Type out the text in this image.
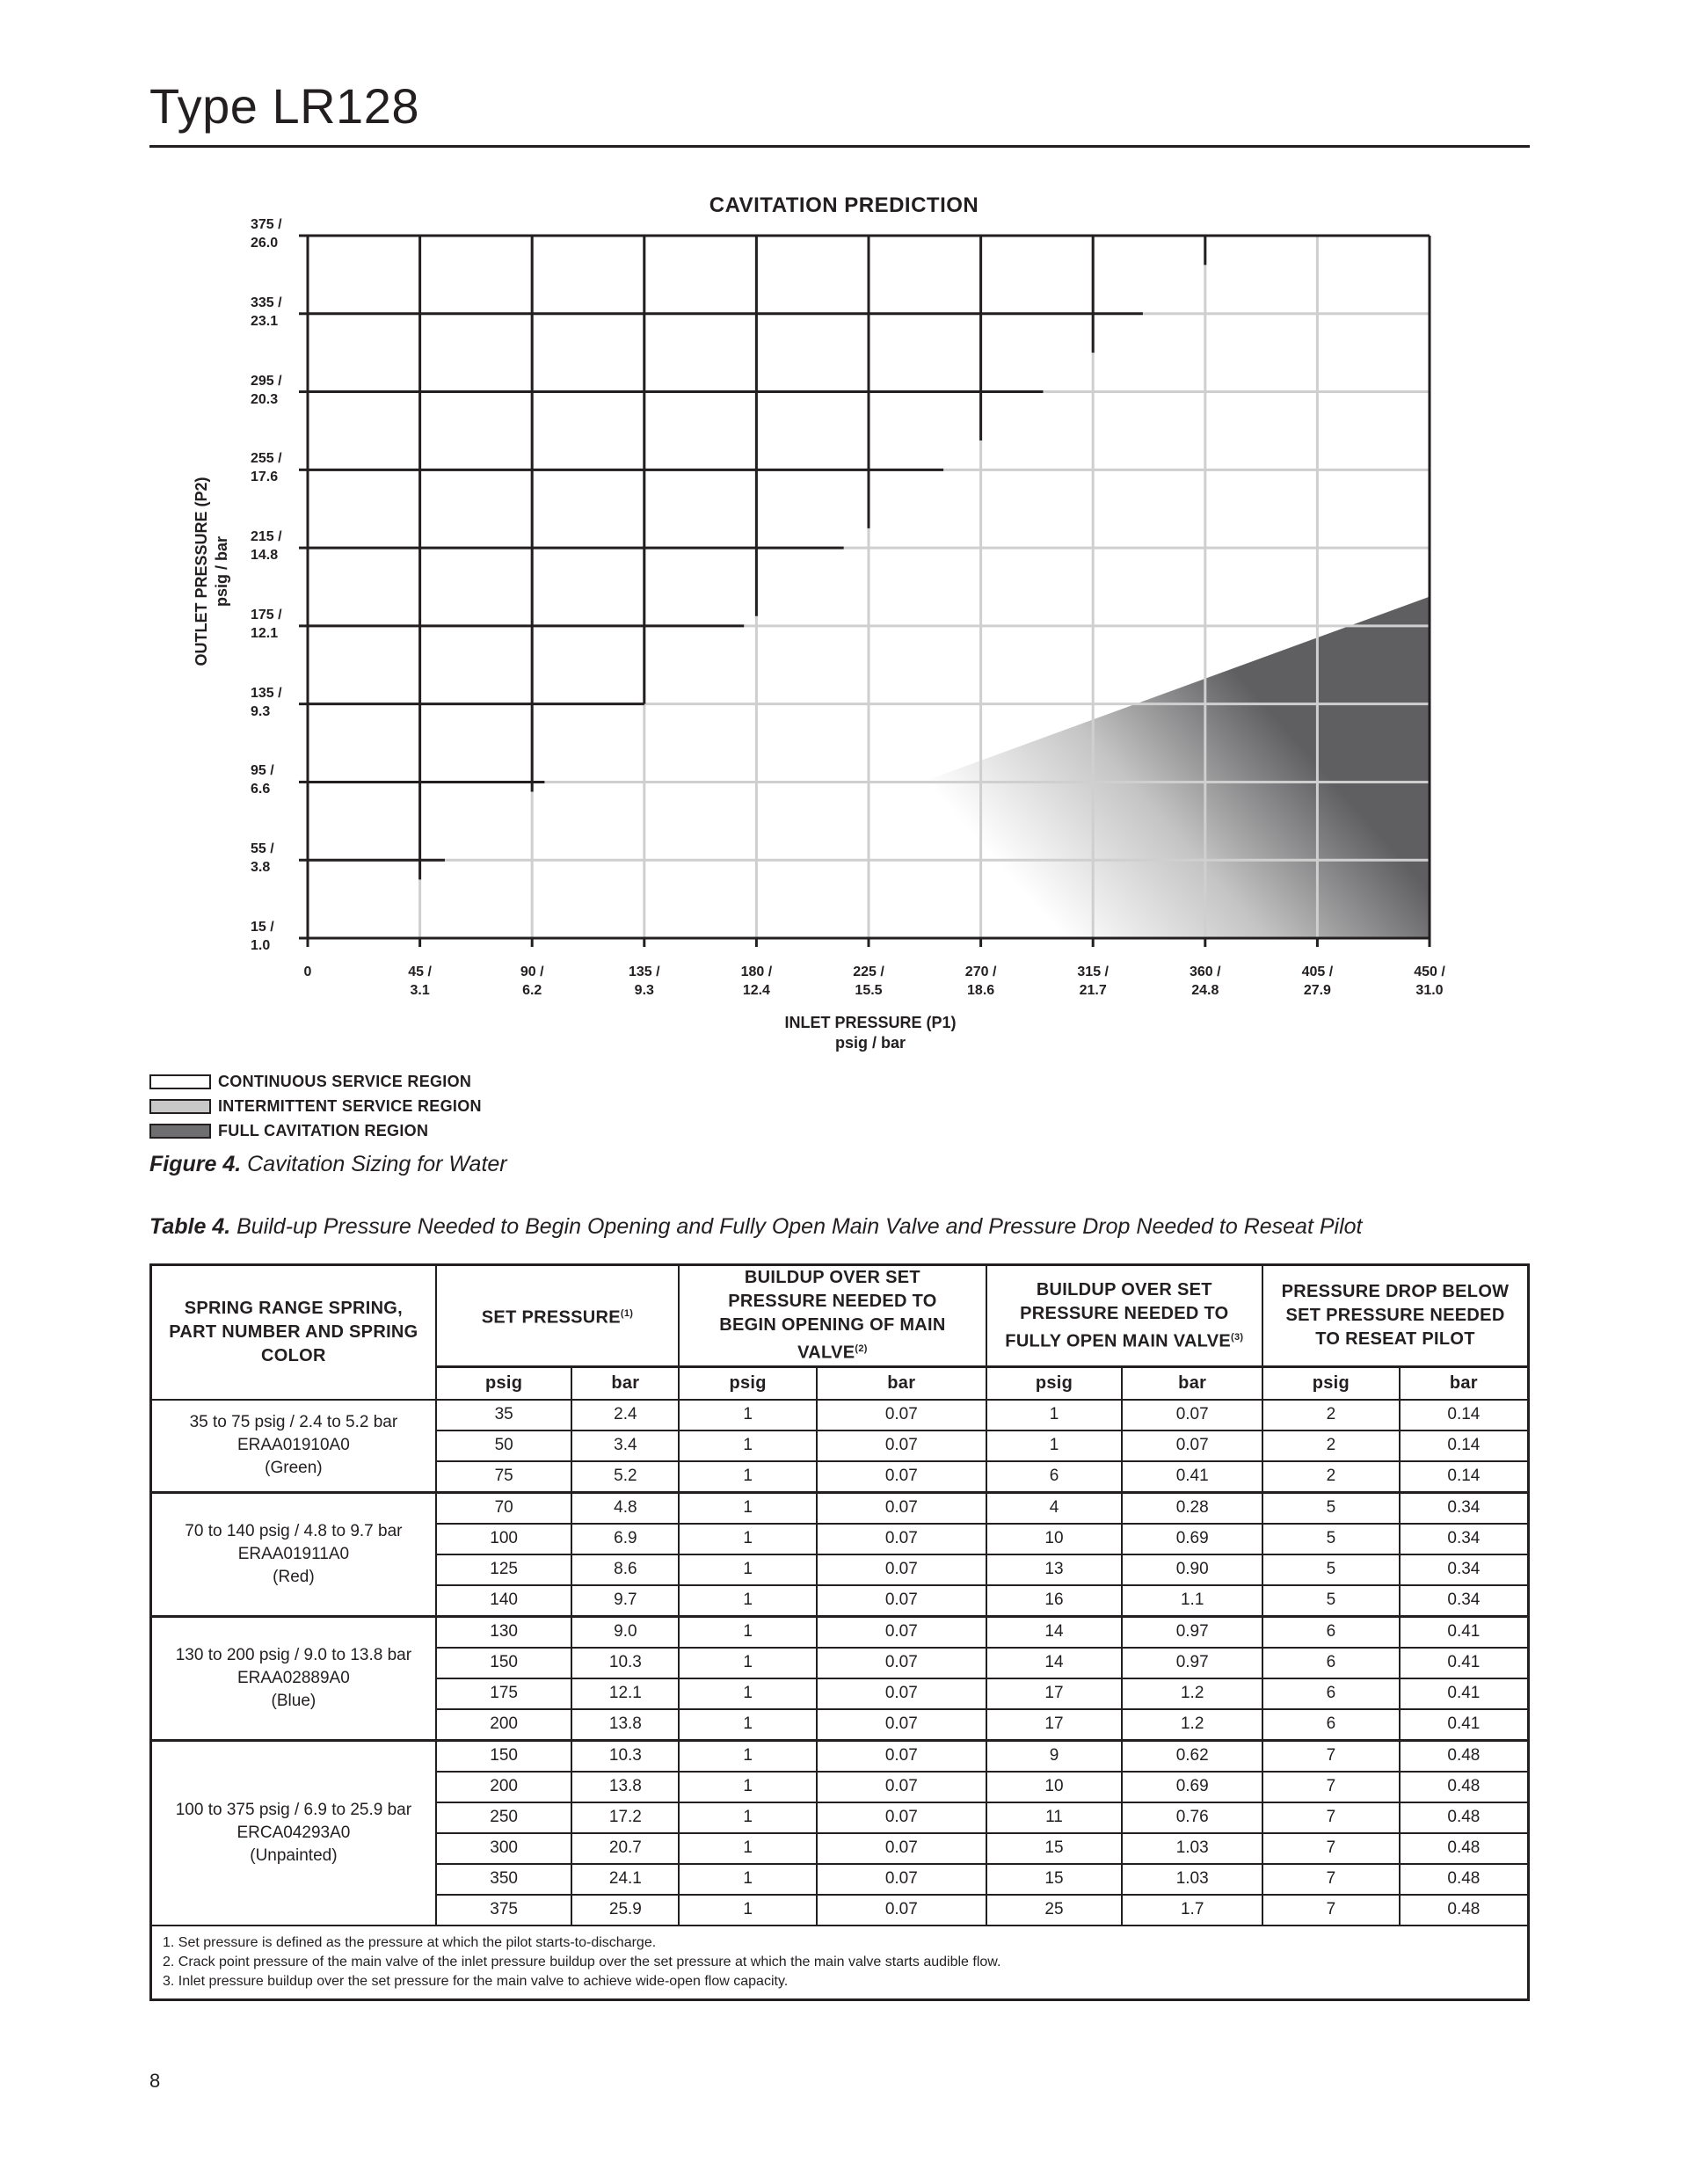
Type LR128
CAVITATION PREDICTION
OUTLET PRESSURE (P2) psig / bar
375 /
26.0
335 /
23.1
295 /
20.3
255 /
17.6
215 /
14.8
175 /
12.1
135 /
9.3
95 /
6.6
55 /
3.8
15 /
1.0
0	45 /
3.1
90 /
6.2
135 /
9.3
180 /
12.4
225 /
15.5
270 /
18.6
315 /
21.7
360 /
24.8
405 /
27.9
450 /
31.0
INLET PRESSURE (P1)
psig / bar
CONTINUOUS SERVICE REGION
INTERMITTENT SERVICE REGION
FULL CAVITATION REGION
Figure 4. Cavitation Sizing for Water
Table 4. Build-up Pressure Needed to Begin Opening and Fully Open Main Valve and Pressure Drop Needed to Reseat Pilot
SPRING RANGE SPRING, PART NUMBER AND SPRING COLOR	SET PRESSURE$^{(1)}$		BUILDUP OVER SET PRESSURE NEEDED TO BEGIN OPENING OF MAIN VALVE$^{(2)}$		BUILDUP OVER SET PRESSURE NEEDED TO FULLY OPEN MAIN VALVE$^{(3)}$		PRESSURE DROP BELOW SET PRESSURE NEEDED TO RESEAT PILOT	

	psig	bar	psig	bar	psig	bar	psig	bar

35 to 75 psig / 2.4 to 5.2 bar
ERAA01910A0
(Green)	35	2.4	1	0.07	1	0.07	2	0.14
	50	3.4	1	0.07	1	0.07	2	0.14
	75	5.2	1	0.07	6	0.41	2	0.14

70 to 140 psig / 4.8 to 9.7 bar
ERAA01911A0
(Red)	70	4.8	1	0.07	4	0.28	5	0.34
	100	6.9	1	0.07	10	0.69	5	0.34
	125	8.6	1	0.07	13	0.90	5	0.34
	140	9.7	1	0.07	16	1.1	5	0.34

130 to 200 psig / 9.0 to 13.8 bar
ERAA02889A0
(Blue)	130	9.0	1	0.07	14	0.97	6	0.41
	150	10.3	1	0.07	14	0.97	6	0.41
	175	12.1	1	0.07	17	1.2	6	0.41
	200	13.8	1	0.07	17	1.2	6	0.41

100 to 375 psig / 6.9 to 25.9 bar
ERCA04293A0
(Unpainted)	150	10.3	1	0.07	9	0.62	7	0.48
	200	13.8	1	0.07	10	0.69	7	0.48
	250	17.2	1	0.07	11	0.76	7	0.48
	300	20.7	1	0.07	15	1.03	7	0.48
	350	24.1	1	0.07	15	1.03	7	0.48
	375	25.9	1	0.07	25	1.7	7	0.48

1. Set pressure is defined as the pressure at which the pilot starts-to-discharge.
2. Crack point pressure of the main valve of the inlet pressure buildup over the set pressure at which the main valve starts audible flow.
3. Inlet pressure buildup over the set pressure for the main valve to achieve wide-open flow capacity.								
8
